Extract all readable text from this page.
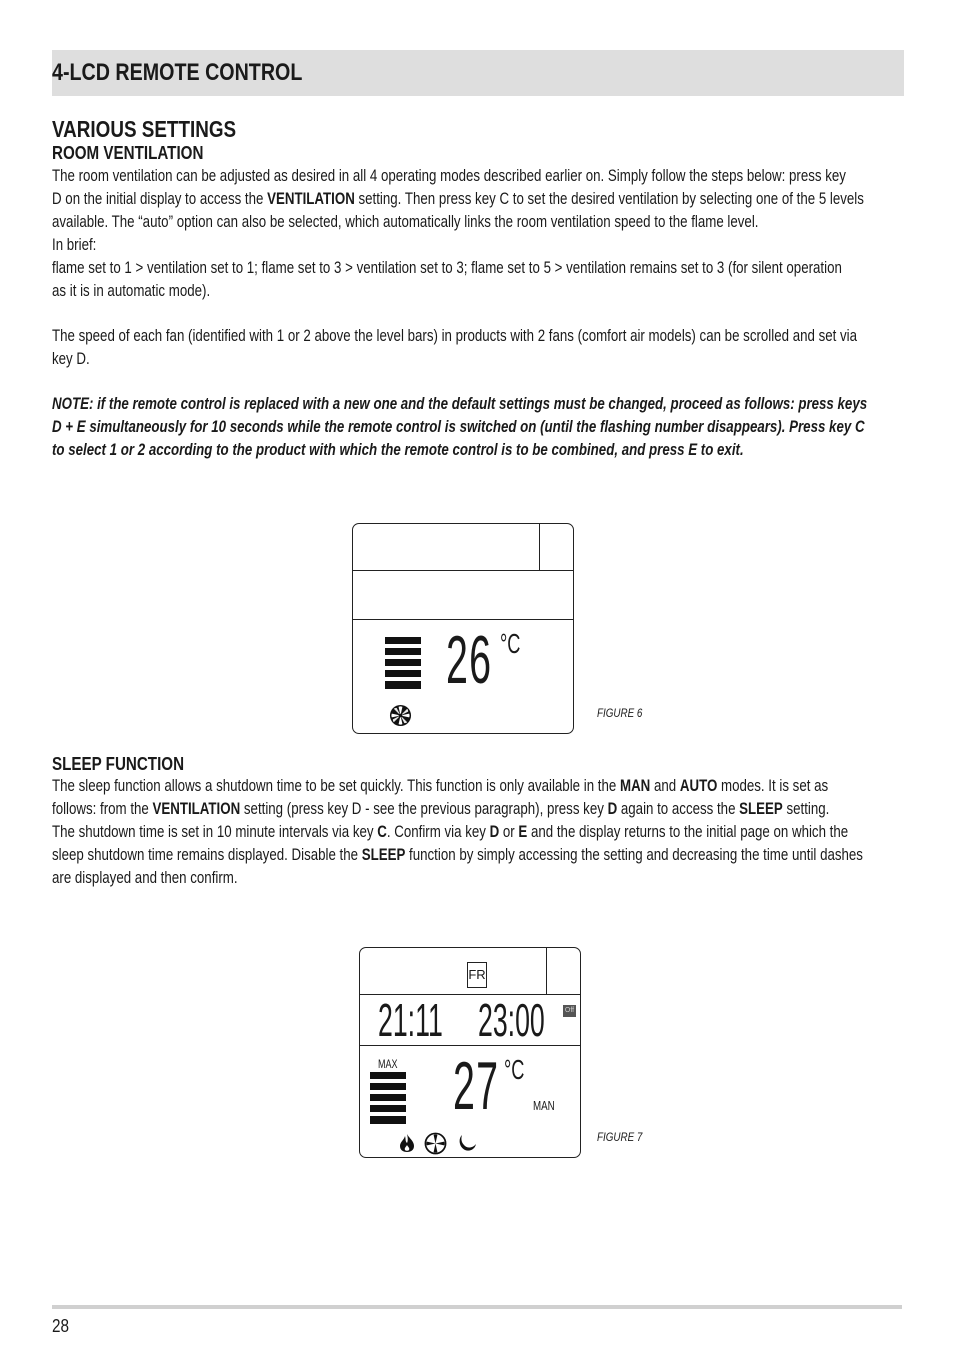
4-LCD REMOTE CONTROL
VARIOUS SETTINGS
ROOM VENTILATION
The room ventilation can be adjusted as desired in all 4 operating modes described earlier on. Simply follow the steps below: press key
D on the initial display to access the VENTILATION setting. Then press key C to set the desired ventilation by selecting one of the 5 levels
available. The “auto” option can also be selected, which automatically links the room ventilation speed to the flame level.
In brief:
flame set to 1 > ventilation set to 1; flame set to 3 > ventilation set to 3; flame set to 5 > ventilation remains set to 3 (for silent operation
as it is in automatic mode).
The speed of each fan (identified with 1 or 2 above the level bars) in products with 2 fans (comfort air models) can be scrolled and set via
key D.
NOTE: if the remote control is replaced with a new one and the default settings must be changed, proceed as follows: press keys
D + E simultaneously for 10 seconds while the remote control is switched on (until the flashing number disappears). Press key C
to select 1 or 2 according to the product with which the remote control is to be combined, and press E to exit.
26 °C
FIGURE 6
SLEEP FUNCTION
The sleep function allows a shutdown time to be set quickly. This function is only available in the MAN and AUTO modes. It is set as
follows: from the VENTILATION setting (press key D - see the previous paragraph), press key D again to access the SLEEP setting.
The shutdown time is set in 10 minute intervals via key C. Confirm via key D or E and the display returns to the initial page on which the
sleep shutdown time remains displayed. Disable the SLEEP function by simply accessing the setting and decreasing the time until dashes
are displayed and then confirm.
FR
21:11 23:00	Off
MAX 27 °C
MAN
FIGURE 7
28
